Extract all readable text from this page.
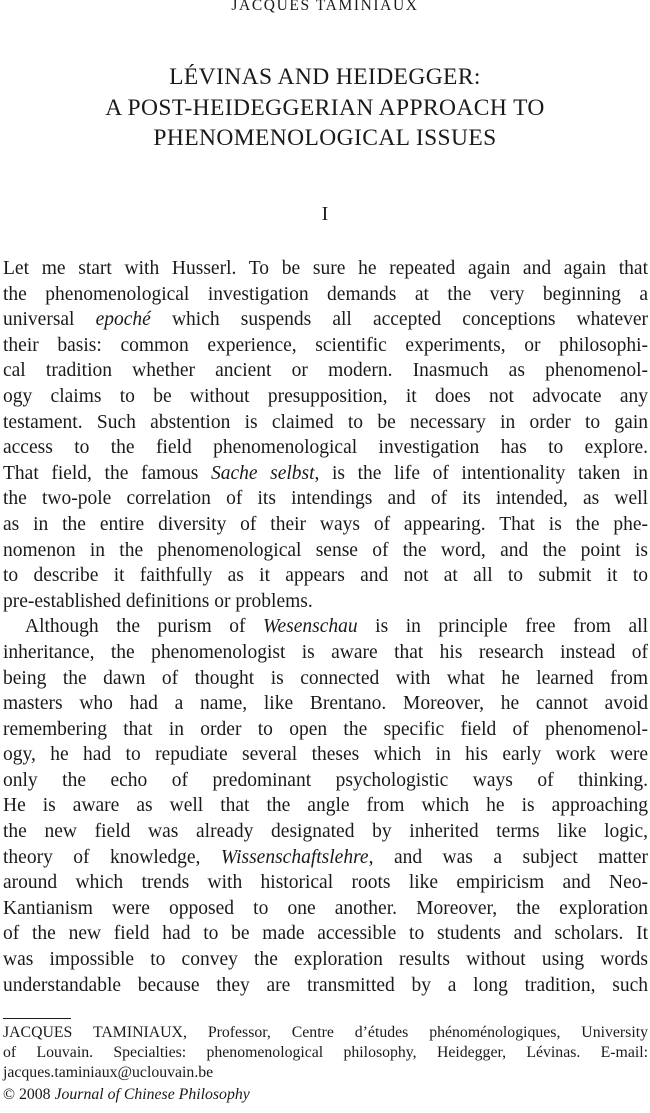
JACQUES TAMINIAUX
LÉVINAS AND HEIDEGGER:
A POST-HEIDEGGERIAN APPROACH TO
PHENOMENOLOGICAL ISSUES
I
Let me start with Husserl. To be sure he repeated again and again that
the phenomenological investigation demands at the very beginning a
universal epoché which suspends all accepted conceptions whatever
their basis: common experience, scientific experiments, or philosophi-
cal tradition whether ancient or modern. Inasmuch as phenomenol-
ogy claims to be without presupposition, it does not advocate any
testament. Such abstention is claimed to be necessary in order to gain
access to the field phenomenological investigation has to explore.
That field, the famous Sache selbst, is the life of intentionality taken in
the two-pole correlation of its intendings and of its intended, as well
as in the entire diversity of their ways of appearing. That is the phe-
nomenon in the phenomenological sense of the word, and the point is
to describe it faithfully as it appears and not at all to submit it to
pre-established definitions or problems.
Although the purism of Wesenschau is in principle free from all
inheritance, the phenomenologist is aware that his research instead of
being the dawn of thought is connected with what he learned from
masters who had a name, like Brentano. Moreover, he cannot avoid
remembering that in order to open the specific field of phenomenol-
ogy, he had to repudiate several theses which in his early work were
only the echo of predominant psychologistic ways of thinking.
He is aware as well that the angle from which he is approaching
the new field was already designated by inherited terms like logic,
theory of knowledge, Wissenschaftslehre, and was a subject matter
around which trends with historical roots like empiricism and Neo-
Kantianism were opposed to one another. Moreover, the exploration
of the new field had to be made accessible to students and scholars. It
was impossible to convey the exploration results without using words
understandable because they are transmitted by a long tradition, such
JACQUES TAMINIAUX, Professor, Centre d’études phénoménologiques, University
of Louvain. Specialties: phenomenological philosophy, Heidegger, Lévinas. E-mail:
jacques.taminiaux@uclouvain.be
© 2008 Journal of Chinese Philosophy
